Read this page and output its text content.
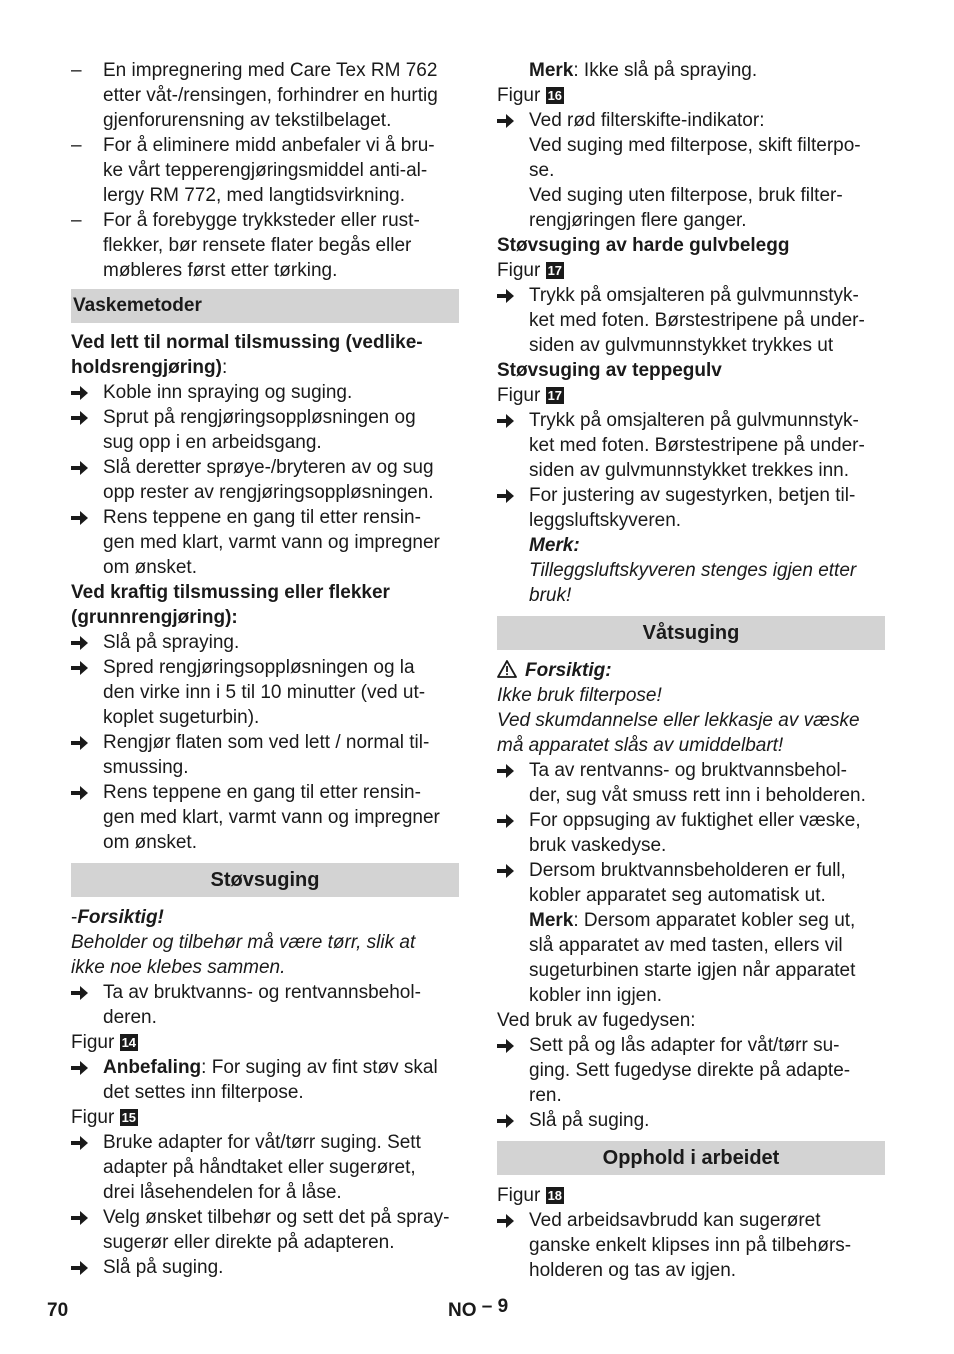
– En impregnering med Care Tex RM 762
etter våt-/rensingen, forhindrer en hurtig
gjenforurensning av tekstilbelaget.
– For å eliminere midd anbefaler vi å bru-
ke vårt tepperengjøringsmiddel anti-al-
lergy RM 772, med langtidsvirkning.
– For å forebygge trykksteder eller rust-
flekker, bør rensete flater begås eller
møbleres først etter tørking.
Vaskemetoder
Ved lett til normal tilsmussing (vedlike-
holdsrengjøring):
Koble inn spraying og suging.
Sprut på rengjøringsoppløsningen og
sug opp i en arbeidsgang.
Slå deretter sprøye-/bryteren av og sug
opp rester av rengjøringsoppløsningen.
Rens teppene en gang til etter rensin-
gen med klart, varmt vann og impregner
om ønsket.
Ved kraftig tilsmussing eller flekker
(grunnrengjøring):
Slå på spraying.
Spred rengjøringsoppløsningen og la
den virke inn i 5 til 10 minutter (ved ut-
koplet sugeturbin).
Rengjør flaten som ved lett / normal til-
smussing.
Rens teppene en gang til etter rensin-
gen med klart, varmt vann og impregner
om ønsket.
Støvsuging
-Forsiktig!
Beholder og tilbehør må være tørr, slik at
ikke noe klebes sammen.
Ta av bruktvanns- og rentvannsbehol-
deren.
Figur 14
Anbefaling: For suging av fint støv skal
det settes inn filterpose.
Figur 15
Bruke adapter for våt/tørr suging. Sett
adapter på håndtaket eller sugerøret,
drei låsehendelen for å låse.
Velg ønsket tilbehør og sett det på spray-
sugerør eller direkte på adapteren.
Slå på suging.
Merk: Ikke slå på spraying.
Figur 16
Ved rød filterskifte-indikator:
Ved suging med filterpose, skift filterpo-
se.
Ved suging uten filterpose, bruk filter-
rengjøringen flere ganger.
Støvsuging av harde gulvbelegg
Figur 17
Trykk på omsjalteren på gulvmunnstyk-
ket med foten. Børstestripene på under-
siden av gulvmunnstykket trykkes ut
Støvsuging av teppegulv
Figur 17
Trykk på omsjalteren på gulvmunnstyk-
ket med foten. Børstestripene på under-
siden av gulvmunnstykket trekkes inn.
For justering av sugestyrken, betjen til-
leggsluftskyveren.
Merk:
Tilleggsluftskyveren stenges igjen etter
bruk!
Våtsuging
Forsiktig:
Ikke bruk filterpose!
Ved skumdannelse eller lekkasje av væske
må apparatet slås av umiddelbart!
Ta av rentvanns- og bruktvannsbehol-
der, sug våt smuss rett inn i beholderen.
For oppsuging av fuktighet eller væske,
bruk vaskedyse.
Dersom bruktvannsbeholderen er full,
kobler apparatet seg automatisk ut.
Merk: Dersom apparatet kobler seg ut,
slå apparatet av med tasten, ellers vil
sugeturbinen starte igjen når apparatet
kobler inn igjen.
Ved bruk av fugedysen:
Sett på og lås adapter for våt/tørr su-
ging. Sett fugedyse direkte på adapte-
ren.
Slå på suging.
Opphold i arbeidet
Figur 18
Ved arbeidsavbrudd kan sugerøret
ganske enkelt klipses inn på tilbehørs-
holderen og tas av igjen.
70	NO – 9
